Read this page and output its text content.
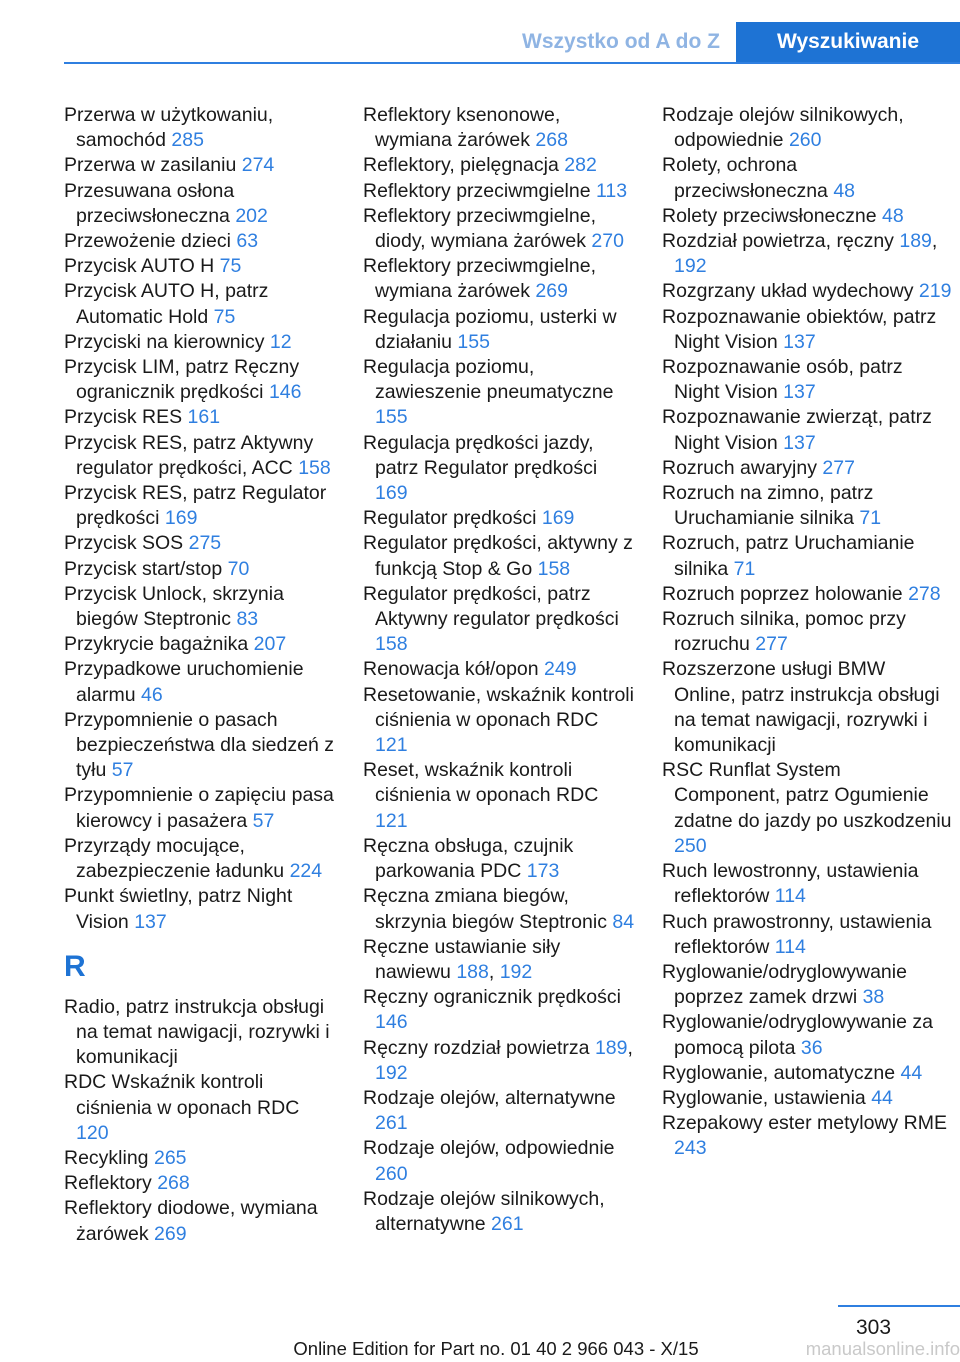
Wszystko od A do Z	Wyszukiwanie

Przerwa w użytkowaniu, samochód 285

Przerwa w zasilaniu 274

Przesuwana osłona przeciwsłoneczna 202

Przewożenie dzieci 63

Przycisk AUTO H 75

Przycisk AUTO H, patrz Automatic Hold 75

Przyciski na kierownicy 12

Przycisk LIM, patrz Ręczny ogranicznik prędkości 146

Przycisk RES 161

Przycisk RES, patrz Aktywny regulator prędkości, ACC 158

Przycisk RES, patrz Regulator prędkości 169

Przycisk SOS 275

Przycisk start/stop 70

Przycisk Unlock, skrzynia biegów Steptronic 83

Przykrycie bagażnika 207

Przypadkowe uruchomienie alarmu 46

Przypomnienie o pasach bezpieczeństwa dla siedzeń z tyłu 57

Przypomnienie o zapięciu pasa kierowcy i pasażera 57

Przyrządy mocujące, zabezpieczenie ładunku 224

Punkt świetlny, patrz Night Vision 137

R

Radio, patrz instrukcja obsługi na temat nawigacji, rozrywki i komunikacji

RDC Wskaźnik kontroli ciśnienia w oponach RDC 120

Recykling 265

Reflektory 268

Reflektory diodowe, wymiana żarówek 269

Reflektory ksenonowe, wymiana żarówek 268

Reflektory, pielęgnacja 282

Reflektory przeciwmgielne 113

Reflektory przeciwmgielne, diody, wymiana żarówek 270

Reflektory przeciwmgielne, wymiana żarówek 269

Regulacja poziomu, usterki w działaniu 155

Regulacja poziomu, zawieszenie pneumatyczne 155

Regulacja prędkości jazdy, patrz Regulator prędkości 169

Regulator prędkości 169

Regulator prędkości, aktywny z funkcją Stop & Go 158

Regulator prędkości, patrz Aktywny regulator prędkości 158

Renowacja kół/opon 249

Resetowanie, wskaźnik kontroli ciśnienia w oponach RDC 121

Reset, wskaźnik kontroli ciśnienia w oponach RDC 121

Ręczna obsługa, czujnik parkowania PDC 173

Ręczna zmiana biegów, skrzynia biegów Steptronic 84

Ręczne ustawianie siły nawiewu 188, 192

Ręczny ogranicznik prędkości 146

Ręczny rozdział powietrza 189, 192

Rodzaje olejów, alternatywne 261

Rodzaje olejów, odpowiednie 260

Rodzaje olejów silnikowych, alternatywne 261

Rodzaje olejów silnikowych, odpowiednie 260

Rolety, ochrona przeciwsłoneczna 48

Rolety przeciwsłoneczne 48

Rozdział powietrza, ręczny 189, 192

Rozgrzany układ wydechowy 219

Rozpoznawanie obiektów, patrz Night Vision 137

Rozpoznawanie osób, patrz Night Vision 137

Rozpoznawanie zwierząt, patrz Night Vision 137

Rozruch awaryjny 277

Rozruch na zimno, patrz Uruchamianie silnika 71

Rozruch, patrz Uruchamianie silnika 71

Rozruch poprzez holowanie 278

Rozruch silnika, pomoc przy rozruchu 277

Rozszerzone usługi BMW Online, patrz instrukcja obsługi na temat nawigacji, rozrywki i komunikacji

RSC Runflat System Component, patrz Ogumienie zdatne do jazdy po uszkodzeniu 250

Ruch lewostronny, ustawienia reflektorów 114

Ruch prawostronny, ustawienia reflektorów 114

Ryglowanie/odryglowywanie poprzez zamek drzwi 38

Ryglowanie/odryglowywanie za pomocą pilota 36

Ryglowanie, automatyczne 44

Ryglowanie, ustawienia 44

Rzepakowy ester metylowy RME 243

303
Online Edition for Part no. 01 40 2 966 043 - X/15	manualsonline.info
